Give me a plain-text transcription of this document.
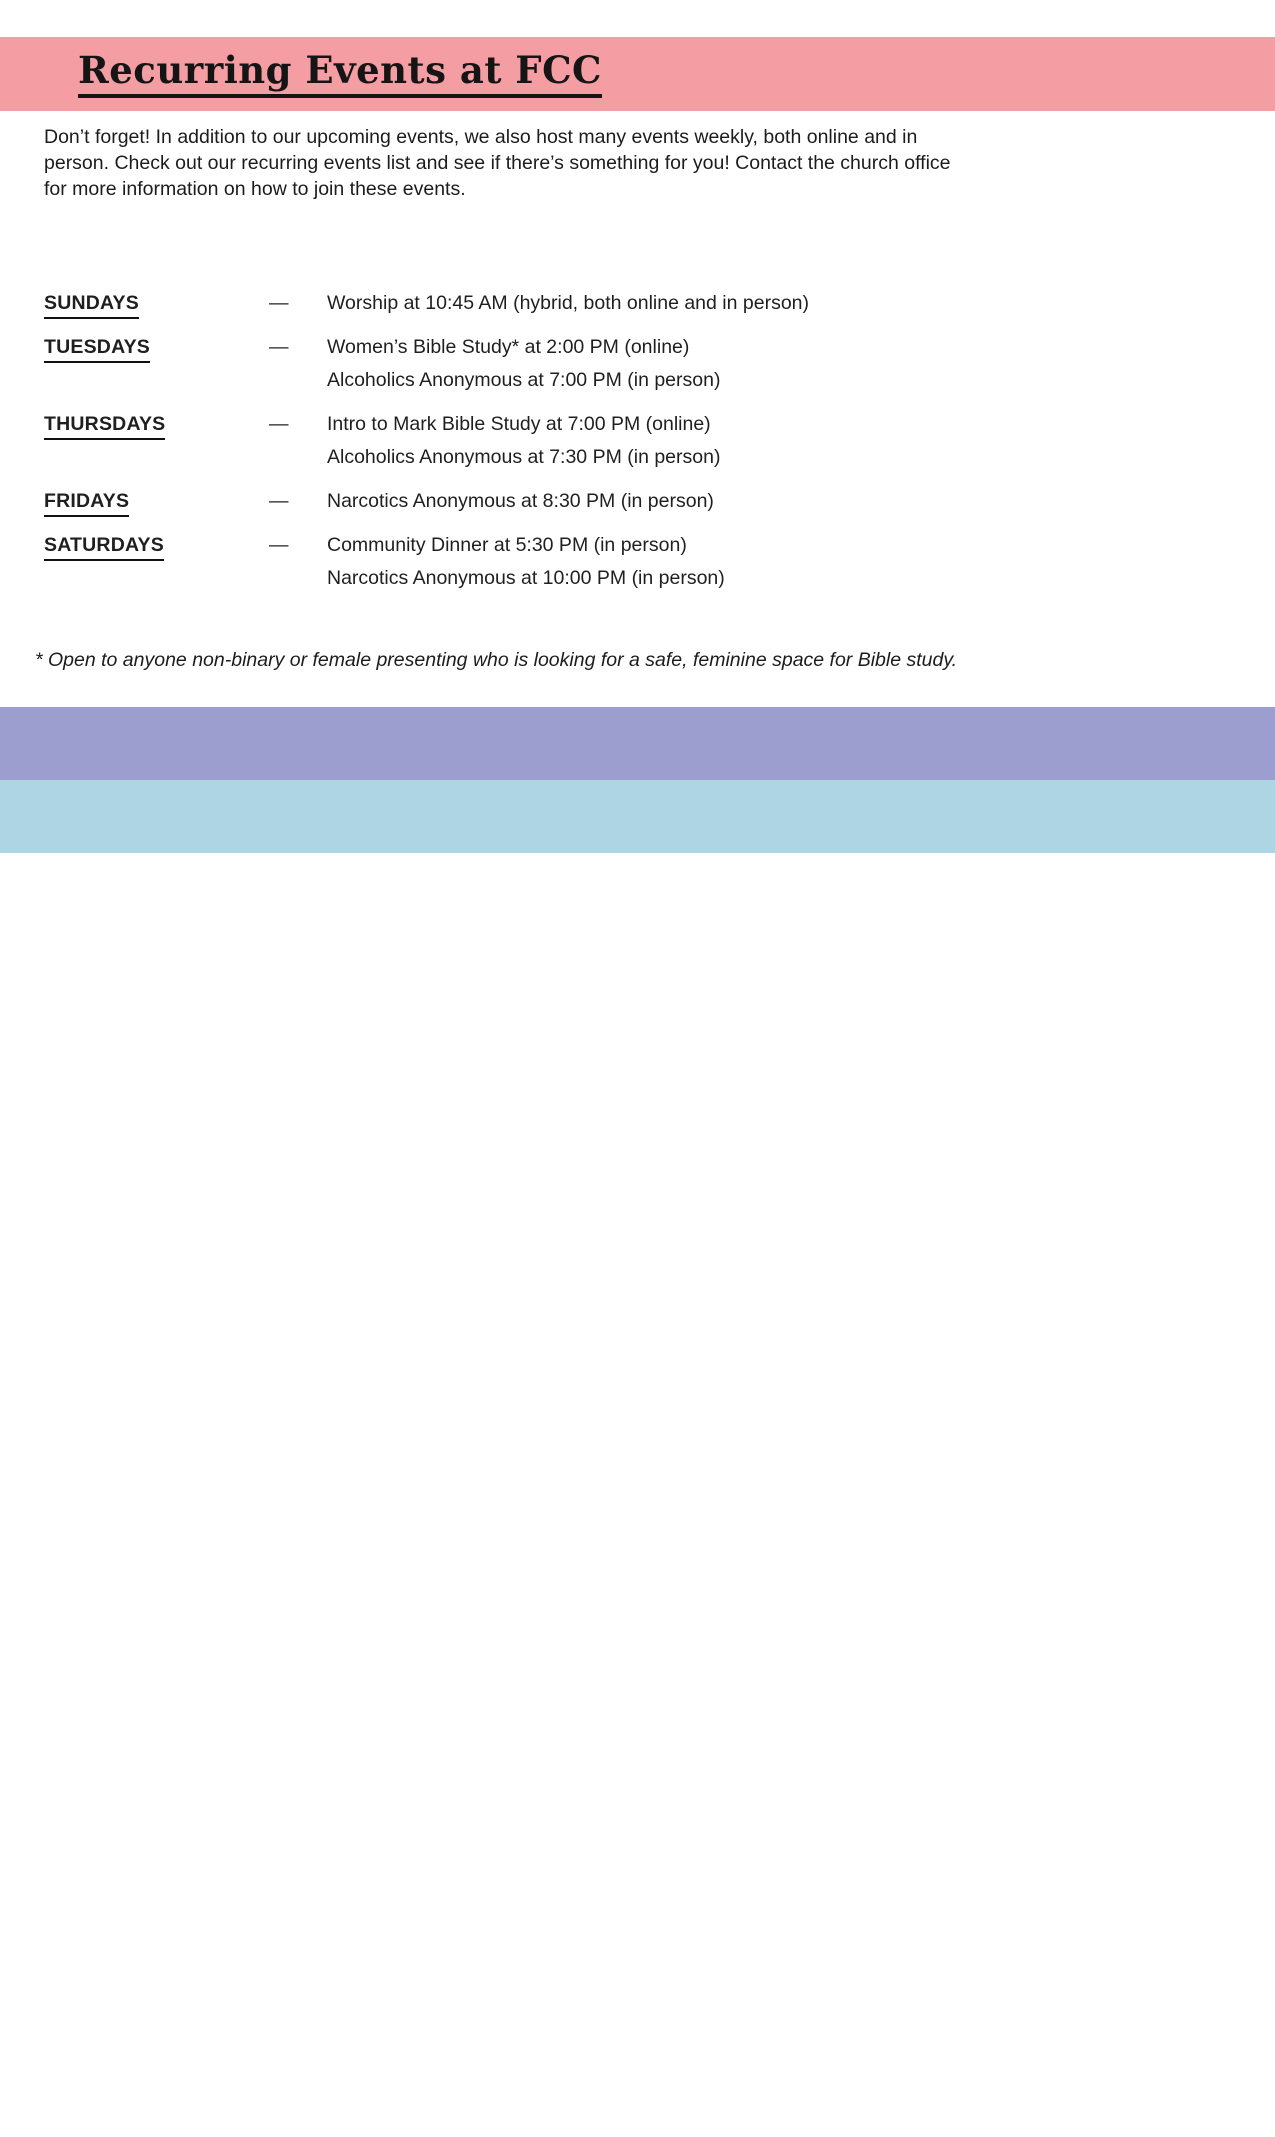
Recurring Events at FCC
Don’t forget! In addition to our upcoming events, we also host many events weekly, both online and in
person. Check out our recurring events list and see if there’s something for you! Contact the church office
for more information on how to join these events.
SUNDAYS	—	Worship at 10:45 AM (hybrid, both online and in person)
TUESDAYS	—	Women’s Bible Study* at 2:00 PM (online)
Alcoholics Anonymous at 7:00 PM (in person)
THURSDAYS	—	Intro to Mark Bible Study at 7:00 PM (online)
Alcoholics Anonymous at 7:30 PM (in person)
FRIDAYS	—	Narcotics Anonymous at 8:30 PM (in person)
SATURDAYS	—	Community Dinner at 5:30 PM (in person)
Narcotics Anonymous at 10:00 PM (in person)
* Open to anyone non-binary or female presenting who is looking for a safe, feminine space for Bible study.
